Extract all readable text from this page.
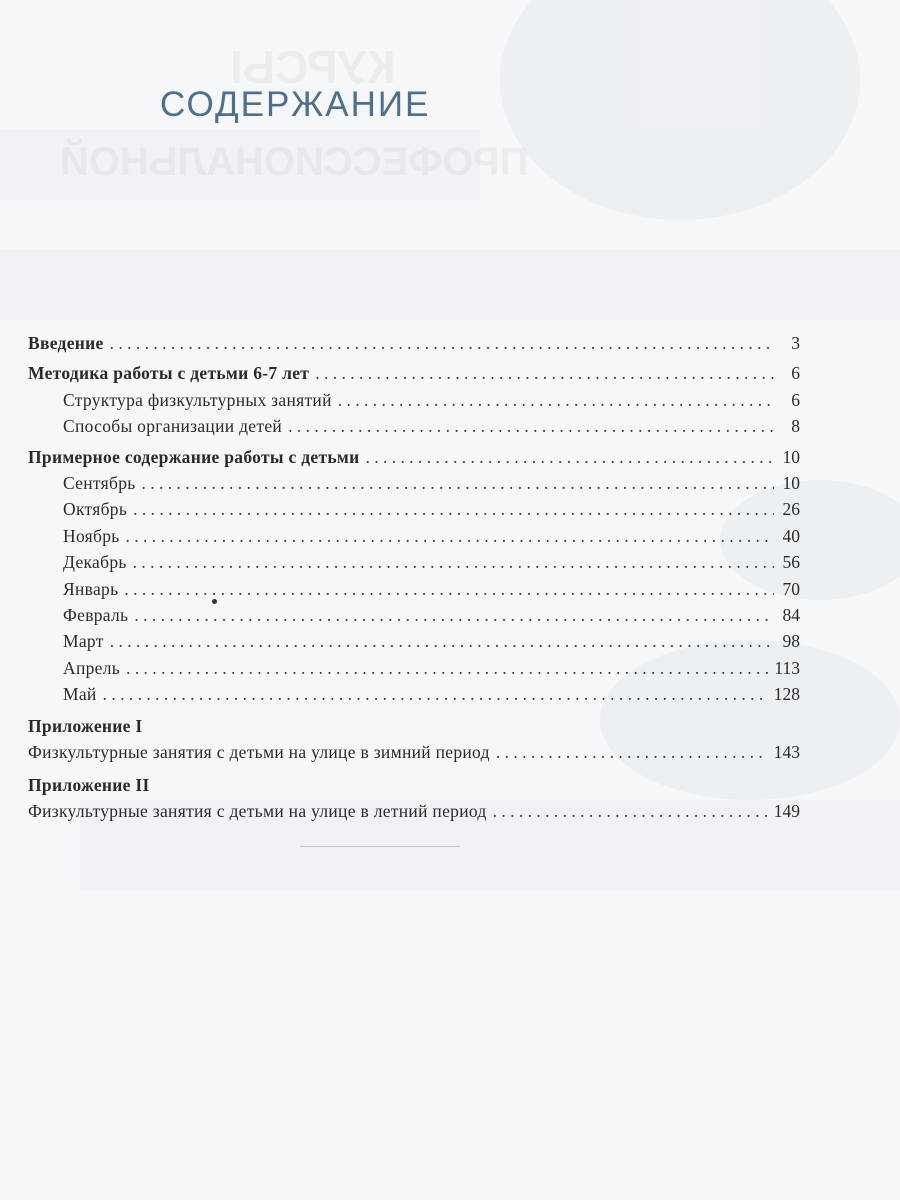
КУРСЫ
ПРОФЕССИОНАЛЬНОЙ
СОДЕРЖАНИЕ
Введение . . .	3
Методика работы с детьми 6-7 лет . . .	6
Структура физкультурных занятий . . .	6
Способы организации детей . . .	8
Примерное содержание работы с детьми . . .	10
Сентябрь . . .	10
Октябрь . . .	26
Ноябрь . . .	40
Декабрь . . .	56
Январь . . .	70
Февраль . . .	84
Март . . .	98
Апрель . . .	113
Май . . .	128
Приложение I
Физкультурные занятия с детьми на улице в зимний период . . .	143
Приложение II
Физкультурные занятия с детьми на улице в летний период . . .	149
